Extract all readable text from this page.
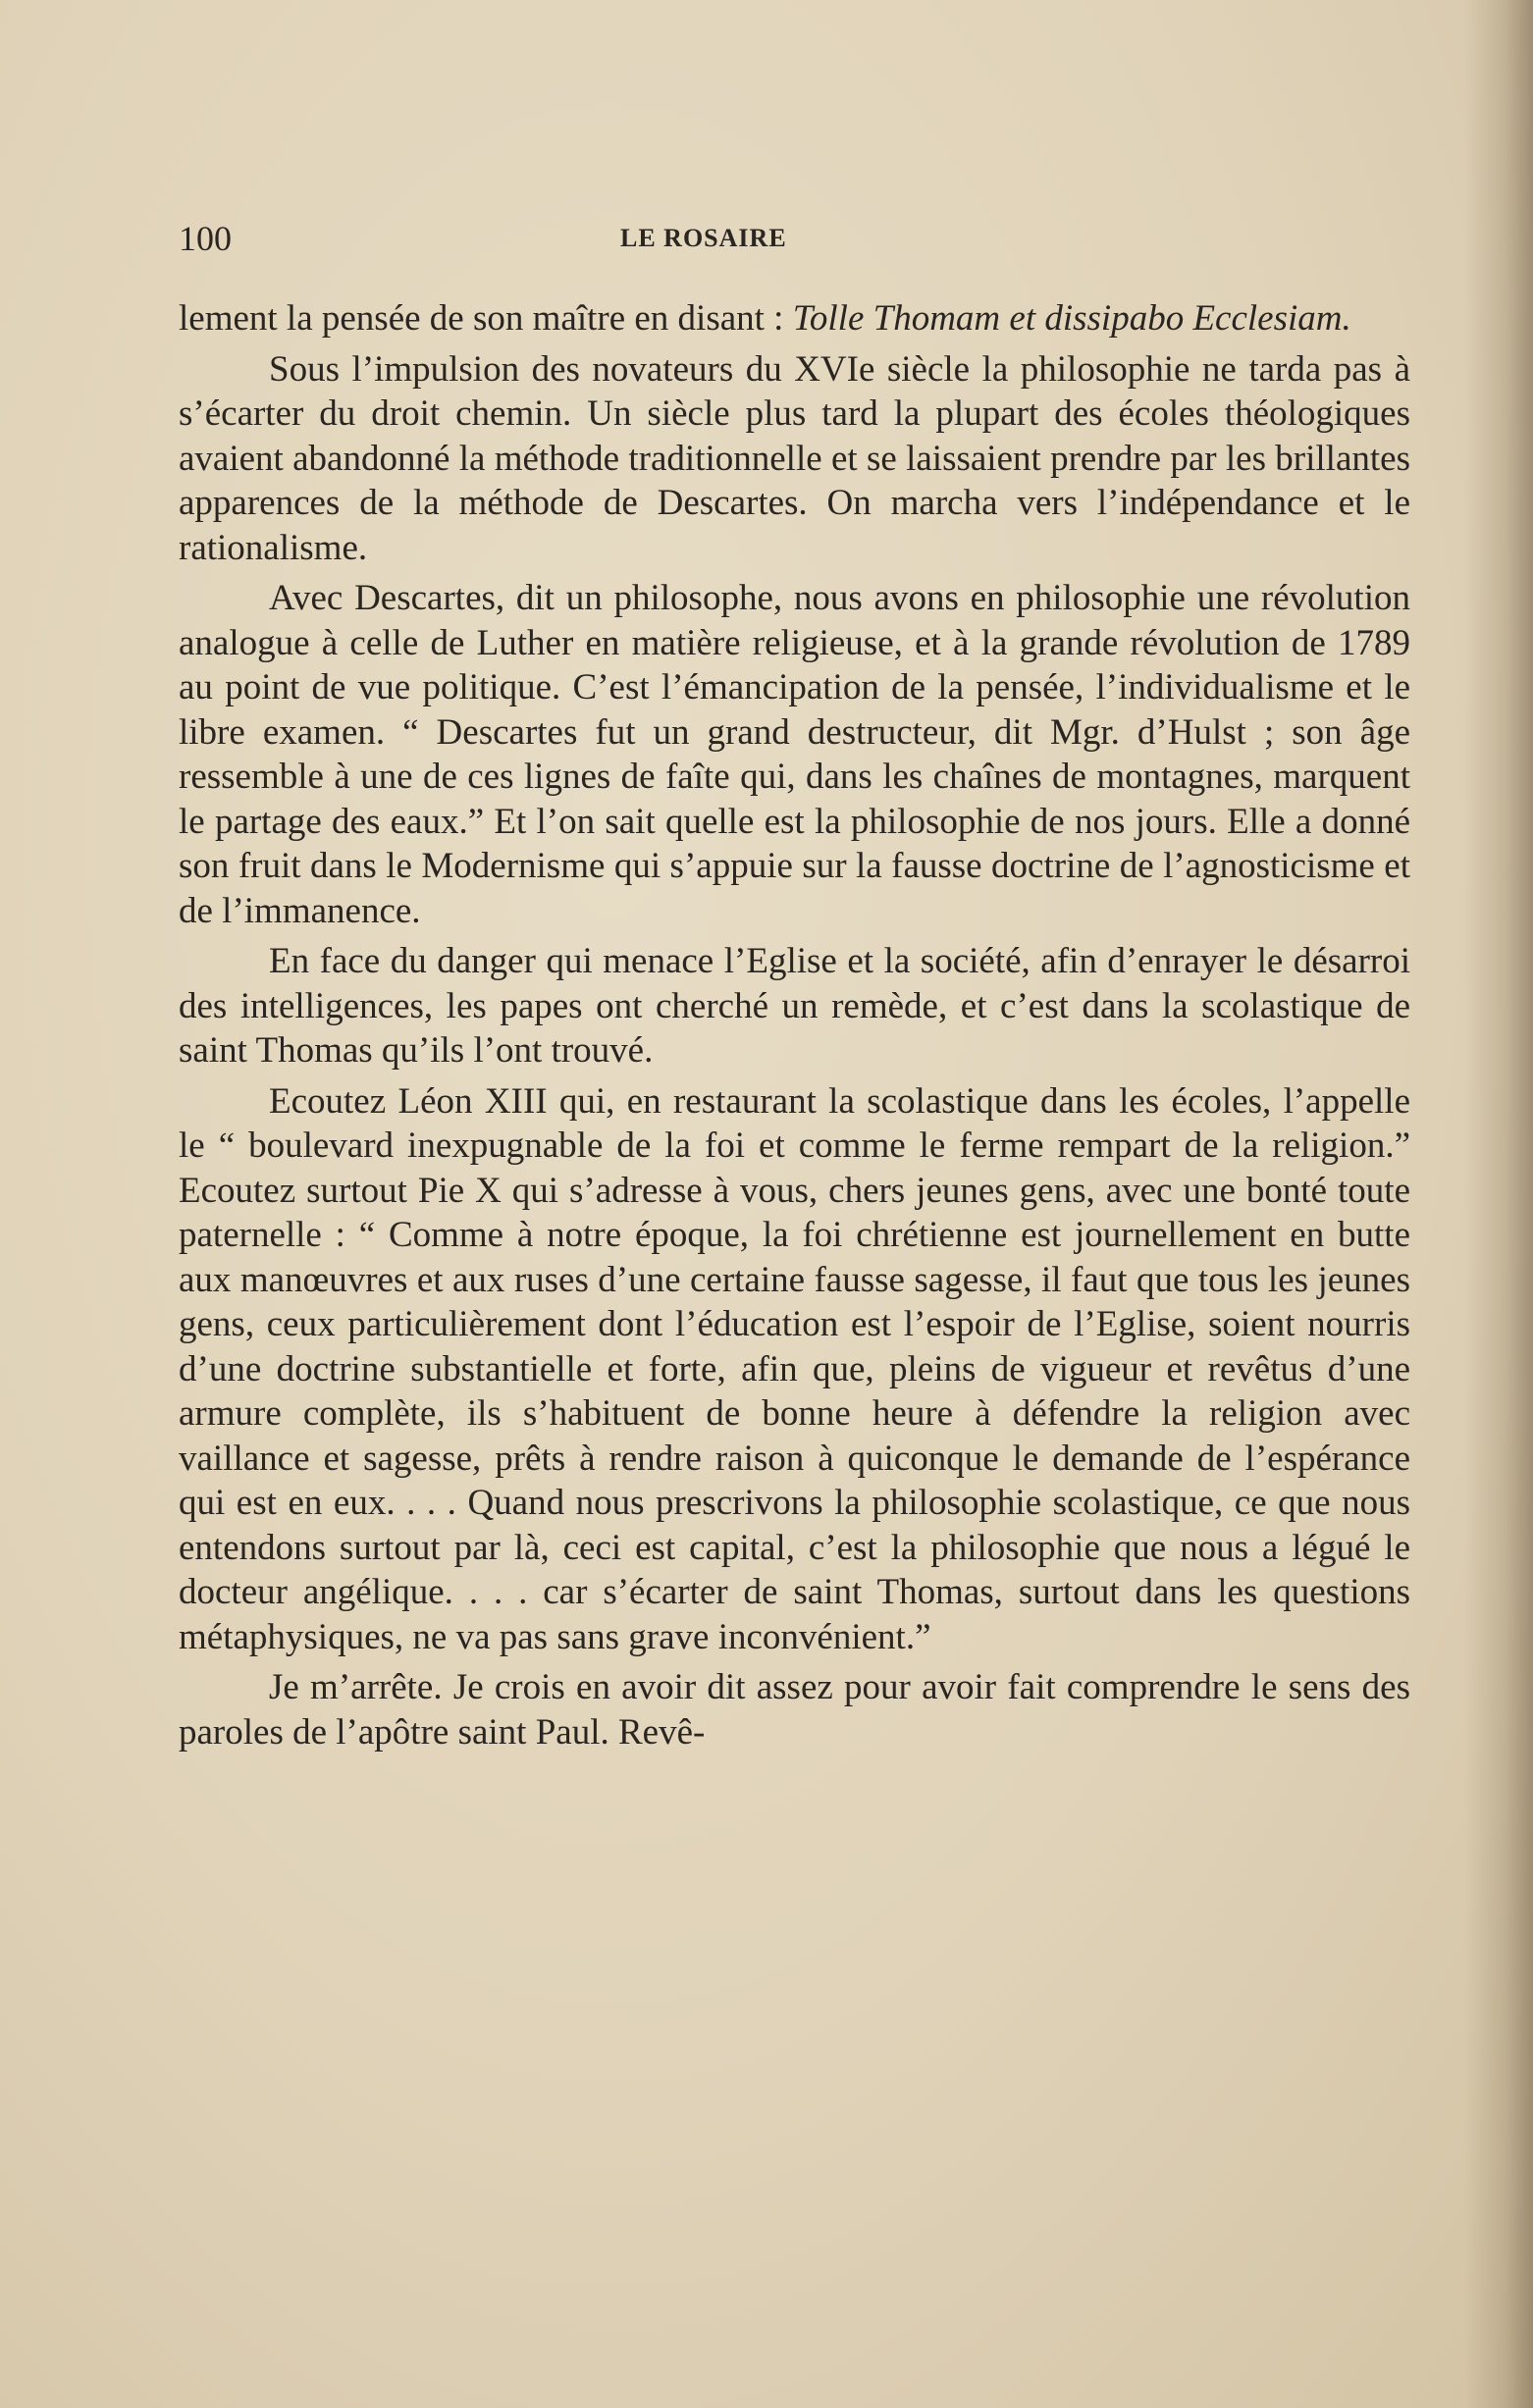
100	LE ROSAIRE

lement la pensée de son maître en disant : Tolle Thomam et dissipabo Ecclesiam.

Sous l’impulsion des novateurs du XVIe siècle la philosophie ne tarda pas à s’écarter du droit chemin. Un siècle plus tard la plupart des écoles théologiques avaient abandonné la méthode traditionnelle et se laissaient prendre par les brillantes apparences de la méthode de Descartes. On marcha vers l’indépendance et le rationalisme.

Avec Descartes, dit un philosophe, nous avons en philosophie une révolution analogue à celle de Luther en matière religieuse, et à la grande révolution de 1789 au point de vue politique. C’est l’émancipation de la pensée, l’individualisme et le libre examen. “ Descartes fut un grand destructeur, dit Mgr. d’Hulst ; son âge ressemble à une de ces lignes de faîte qui, dans les chaînes de montagnes, marquent le partage des eaux.” Et l’on sait quelle est la philosophie de nos jours. Elle a donné son fruit dans le Modernisme qui s’appuie sur la fausse doctrine de l’agnosticisme et de l’immanence.

En face du danger qui menace l’Eglise et la société, afin d’enrayer le désarroi des intelligences, les papes ont cherché un remède, et c’est dans la scolastique de saint Thomas qu’ils l’ont trouvé.

Ecoutez Léon XIII qui, en restaurant la scolastique dans les écoles, l’appelle le “ boulevard inexpugnable de la foi et comme le ferme rempart de la religion.” Ecoutez surtout Pie X qui s’adresse à vous, chers jeunes gens, avec une bonté toute paternelle : “ Comme à notre époque, la foi chrétienne est journellement en butte aux manœuvres et aux ruses d’une certaine fausse sagesse, il faut que tous les jeunes gens, ceux particulièrement dont l’éducation est l’espoir de l’Eglise, soient nourris d’une doctrine substantielle et forte, afin que, pleins de vigueur et revêtus d’une armure complète, ils s’habituent de bonne heure à défendre la religion avec vaillance et sagesse, prêts à rendre raison à quiconque le demande de l’espérance qui est en eux. . . . Quand nous prescrivons la philosophie scolastique, ce que nous entendons surtout par là, ceci est capital, c’est la philosophie que nous a légué le docteur angélique. . . . car s’écarter de saint Thomas, surtout dans les questions métaphysiques, ne va pas sans grave inconvénient.”

Je m’arrête. Je crois en avoir dit assez pour avoir fait comprendre le sens des paroles de l’apôtre saint Paul. Revê-
